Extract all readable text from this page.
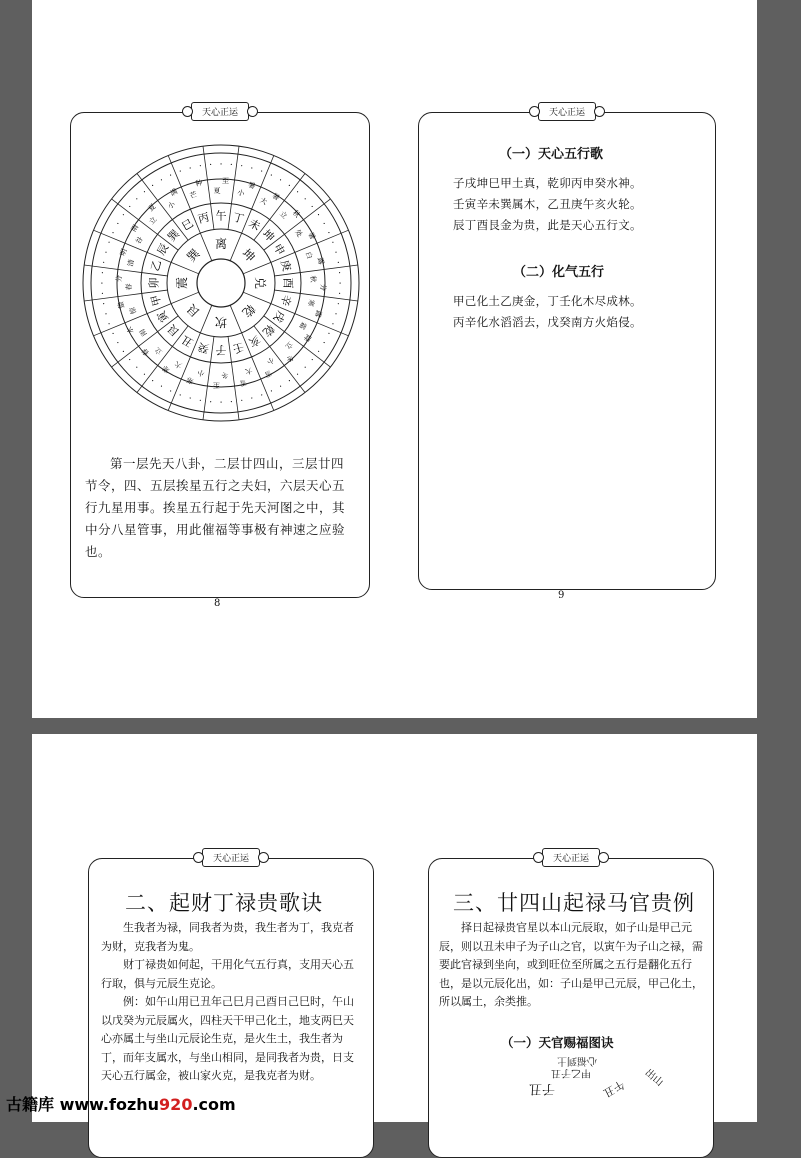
天心正运
离
坤
兑
乾
坎
艮
震
巽
午 丁 未
坤
申
庚
酉
辛
戌
乾
亥
壬
子
癸
丑
艮
寅
甲
卯
乙
辰
巽
巳 丙
夏
至
小
暑
大 暑
立 秋
处 暑
白
露
秋
分
寒
露
霜
降
立
冬
小
雪
大
雪
冬
至
小
寒
大
寒
立
春
雨
水
惊
蛰
春
分
清
明
谷
雨
立
夏 小
满 芒
种
· · · · · · ·
·
·
·
·
·
·
·
·
·
·
·
·
·
·
·
·
·
·
·
·
·
·
·
·
·
·
·
·
·
·
·
·
·
·
·
·
·
·
·
·
·
·
·
·
·
·
·
·
·
·
·
·
·
·
·
·
·
·
·
· · · · · ·
第一层先天八卦，二层廿四山，三层廿四节令，四、五层挨星五行之夫妇，六层天心五行九星用事。挨星五行起于先天河图之中，其中分八星管事，用此催福等事极有神速之应验也。
8
天心正运
（一）天心五行歌
子戌坤巳甲土真，乾卯丙申癸水神。
壬寅辛未巽属木，乙丑庚午亥火轮。
辰丁酉艮金为贵，此是天心五行文。
（二）化气五行
甲己化土乙庚金，丁壬化木尽成林。
丙辛化水滔滔去，戊癸南方火焰侵。
9
天心正运
二、起财丁禄贵歌诀
生我者为禄，同我者为贵，我生者为丁，我克者为财，克我者为鬼。
财丁禄贵如何起，干用化气五行真，支用天心五行取，俱与元辰生克论。
例：如午山用已丑年己巳月己酉日己巳时，午山以戊癸为元辰属火，四柱天干甲己化土，地支两巳天心亦属土与坐山元辰论生克，是火生土，我生者为丁，而年支属水，与坐山相同，是同我者为贵，日支天心五行属金，被山家火克，是我克者为财。
天心正运
三、廿四山起禄马官贵例
择日起禄贵官星以本山元辰取，如子山是甲己元辰，则以丑未申子为子山之官，以寅午为子山之禄，需要此官禄到坐向，或到旺位至所属之五行是翻化五行也，是以元辰化出，如：子山是甲己元辰，甲己化土，所以属土，余类推。
（一）天官赐福图诀
心福到土
甲乙子丑
子丑	午丑 出山
古籍库 www.fozhu920.com
